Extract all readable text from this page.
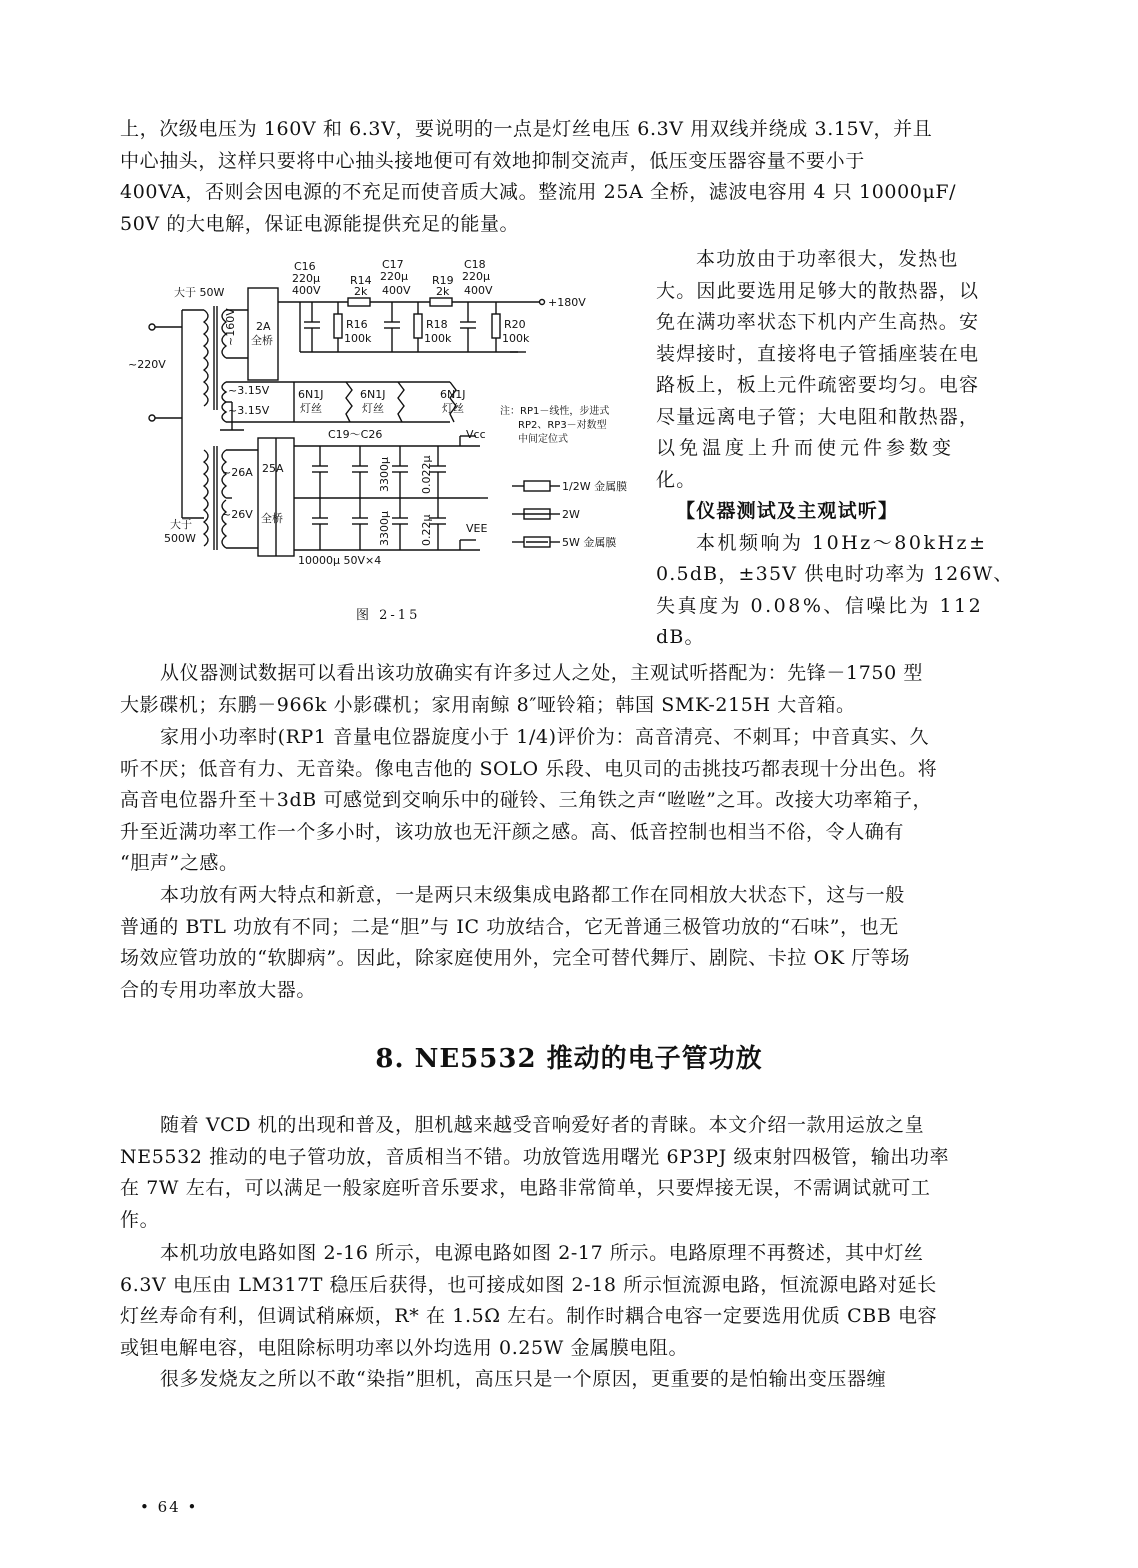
上，次级电压为 160V 和 6.3V，要说明的一点是灯丝电压 6.3V 用双线并绕成 3.15V，并且
中心抽头，这样只要将中心抽头接地便可有效地抑制交流声，低压变压器容量不要小于
400VA，否则会因电源的不充足而使音质大减。整流用 25A 全桥，滤波电容用 4 只 10000μF/
50V 的大电解，保证电源能提供充足的能量。
C16
220μ
400V
R14
2k
C17
220μ
400V
R19
2k
C18
220μ
400V
R16
100k
R18
100k
R20
100k
+180V
大于 50W
~160V 2A
全桥
~220V
~3.15V
~3.15V
6N1J
灯丝
6N1J
灯丝
6N1J
灯丝	注：RP1－线性，步进式
RP2、RP3－对数型
中间定位式
C19～C26	Vcc
VEE
~26A
~26V
25A
全桥
大于
500W
3300μ
3300μ
0.022μ
0.22μ
10000μ 50V×4
1/2W 金属膜
2W
5W 金属膜
图 2-15
本功放由于功率很大，发热也
大。因此要选用足够大的散热器，以
免在满功率状态下机内产生高热。安
装焊接时，直接将电子管插座装在电
路板上，板上元件疏密要均匀。电容
尽量远离电子管；大电阻和散热器，
以免温度上升而使元件参数变
化。
【仪器测试及主观试听】
本机频响为 10Hz～80kHz±
0.5dB，±35V 供电时功率为 126W、
失真度为 0.08%、信噪比为 112
dB。
从仪器测试数据可以看出该功放确实有许多过人之处，主观试听搭配为：先锋－1750 型
大影碟机；东鹏－966k 小影碟机；家用南鲸 8″哑铃箱；韩国 SMK-215H 大音箱。
家用小功率时(RP1 音量电位器旋度小于 1/4)评价为：高音清亮、不刺耳；中音真实、久
听不厌；低音有力、无音染。像电吉他的 SOLO 乐段、电贝司的击挑技巧都表现十分出色。将
高音电位器升至＋3dB 可感觉到交响乐中的碰铃、三角铁之声“咝咝”之耳。改接大功率箱子，
升至近满功率工作一个多小时，该功放也无汗颜之感。高、低音控制也相当不俗，令人确有
“胆声”之感。
本功放有两大特点和新意，一是两只末级集成电路都工作在同相放大状态下，这与一般
普通的 BTL 功放有不同；二是“胆”与 IC 功放结合，它无普通三极管功放的“石味”，也无
场效应管功放的“软脚病”。因此，除家庭使用外，完全可替代舞厅、剧院、卡拉 OK 厅等场
合的专用功率放大器。
8. NE5532 推动的电子管功放
随着 VCD 机的出现和普及，胆机越来越受音响爱好者的青睐。本文介绍一款用运放之皇
NE5532 推动的电子管功放，音质相当不错。功放管选用曙光 6P3PJ 级束射四极管，输出功率
在 7W 左右，可以满足一般家庭听音乐要求，电路非常简单，只要焊接无误，不需调试就可工
作。
本机功放电路如图 2-16 所示，电源电路如图 2-17 所示。电路原理不再赘述，其中灯丝
6.3V 电压由 LM317T 稳压后获得，也可接成如图 2-18 所示恒流源电路，恒流源电路对延长
灯丝寿命有利，但调试稍麻烦，R* 在 1.5Ω 左右。制作时耦合电容一定要选用优质 CBB 电容
或钽电解电容，电阻除标明功率以外均选用 0.25W 金属膜电阻。
很多发烧友之所以不敢“染指”胆机，高压只是一个原因，更重要的是怕输出变压器缠
• 64 •
